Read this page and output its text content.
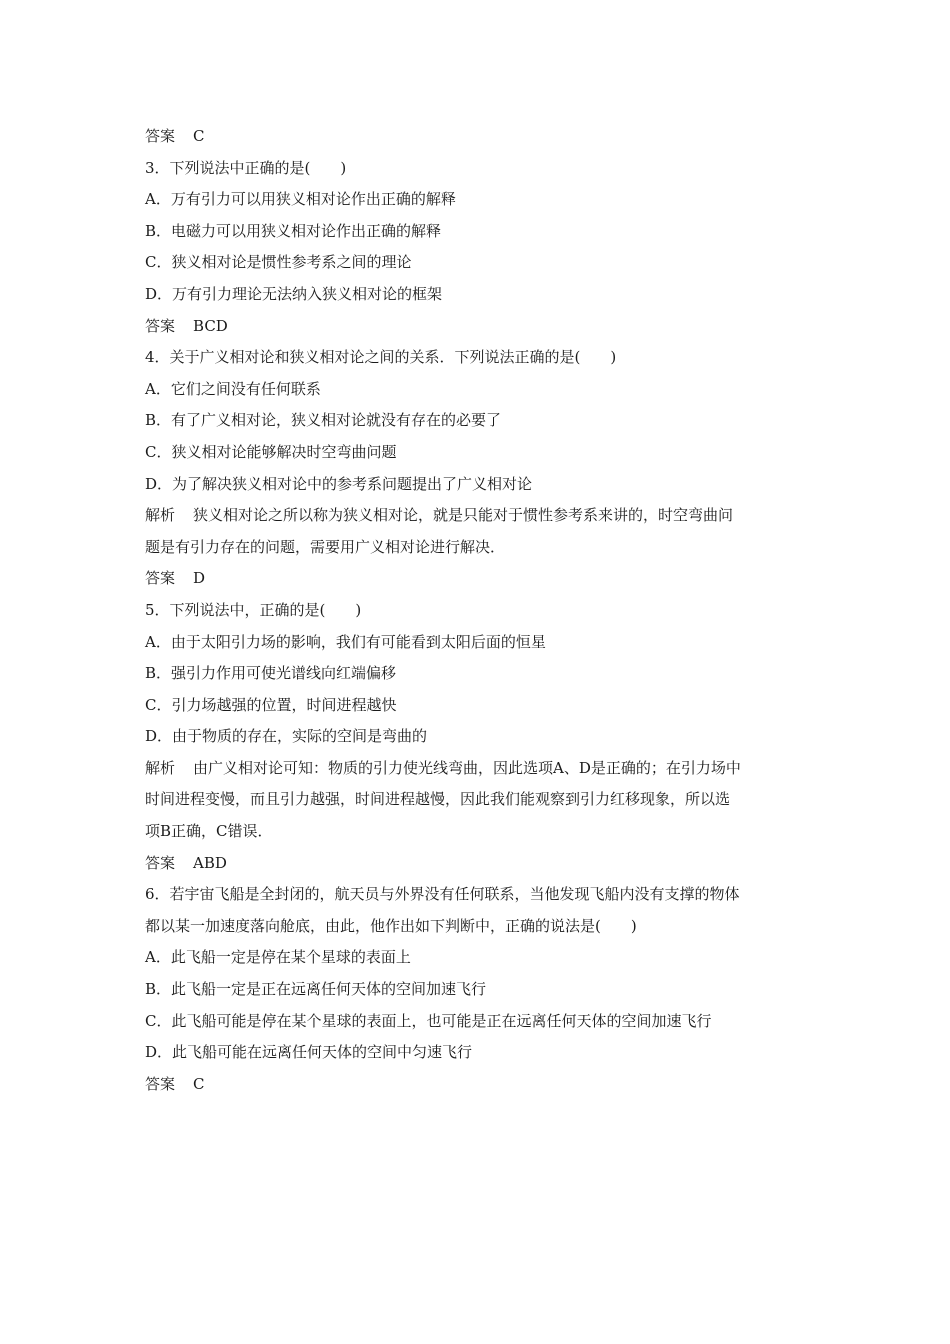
答案 C
3．下列说法中正确的是(　　)
A．万有引力可以用狭义相对论作出正确的解释
B．电磁力可以用狭义相对论作出正确的解释
C．狭义相对论是惯性参考系之间的理论
D．万有引力理论无法纳入狭义相对论的框架
答案 BCD
4．关于广义相对论和狭义相对论之间的关系．下列说法正确的是(　　)
A．它们之间没有任何联系
B．有了广义相对论，狭义相对论就没有存在的必要了
C．狭义相对论能够解决时空弯曲问题
D．为了解决狭义相对论中的参考系问题提出了广义相对论
解析 狭义相对论之所以称为狭义相对论，就是只能对于惯性参考系来讲的，时空弯曲问
题是有引力存在的问题，需要用广义相对论进行解决．
答案 D
5．下列说法中，正确的是(　　)
A．由于太阳引力场的影响，我们有可能看到太阳后面的恒星
B．强引力作用可使光谱线向红端偏移
C．引力场越强的位置，时间进程越快
D．由于物质的存在，实际的空间是弯曲的
解析 由广义相对论可知：物质的引力使光线弯曲，因此选项A、D是正确的；在引力场中
时间进程变慢，而且引力越强，时间进程越慢，因此我们能观察到引力红移现象，所以选
项B正确，C错误．
答案 ABD
6．若宇宙飞船是全封闭的，航天员与外界没有任何联系，当他发现飞船内没有支撑的物体
都以某一加速度落向舱底，由此，他作出如下判断中，正确的说法是(　　)
A．此飞船一定是停在某个星球的表面上
B．此飞船一定是正在远离任何天体的空间加速飞行
C．此飞船可能是停在某个星球的表面上，也可能是正在远离任何天体的空间加速飞行
D．此飞船可能在远离任何天体的空间中匀速飞行
答案 C
